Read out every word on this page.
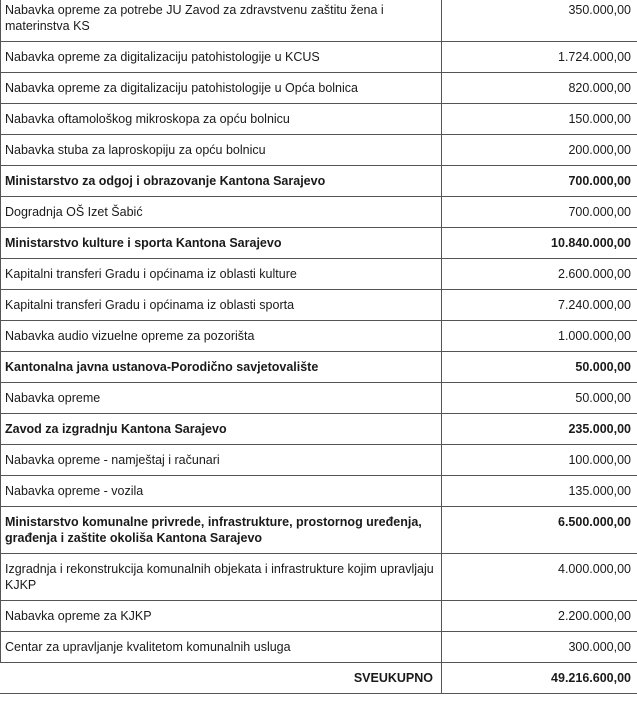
Nabavka opreme za potrebe JU Zavod za zdravstvenu zaštitu žena i materinstva KS	350.000,00
Nabavka opreme za digitalizaciju patohistologije u KCUS	1.724.000,00
Nabavka opreme za digitalizaciju patohistologije u Opća bolnica	820.000,00
Nabavka oftamološkog mikroskopa za opću bolnicu	150.000,00
Nabavka stuba za laproskopiju za opću bolnicu	200.000,00
Ministarstvo za odgoj i obrazovanje Kantona Sarajevo	700.000,00
Dogradnja OŠ Izet Šabić	700.000,00
Ministarstvo kulture i sporta Kantona Sarajevo	10.840.000,00
Kapitalni transferi Gradu i općinama iz oblasti kulture	2.600.000,00
Kapitalni transferi Gradu i općinama iz oblasti sporta	7.240.000,00
Nabavka audio vizuelne opreme za pozorišta	1.000.000,00
Kantonalna javna ustanova-Porodično savjetovalište	50.000,00
Nabavka opreme	50.000,00
Zavod za izgradnju Kantona Sarajevo	235.000,00
Nabavka opreme - namještaj i računari	100.000,00
Nabavka opreme - vozila	135.000,00
Ministarstvo komunalne privrede, infrastrukture, prostornog uređenja, građenja i zaštite okoliša Kantona Sarajevo	6.500.000,00
Izgradnja i rekonstrukcija komunalnih objekata i infrastrukture kojim upravljaju KJKP	4.000.000,00
Nabavka opreme za KJKP	2.200.000,00
Centar za upravljanje kvalitetom komunalnih usluga	300.000,00
SVEUKUPNO	49.216.600,00
